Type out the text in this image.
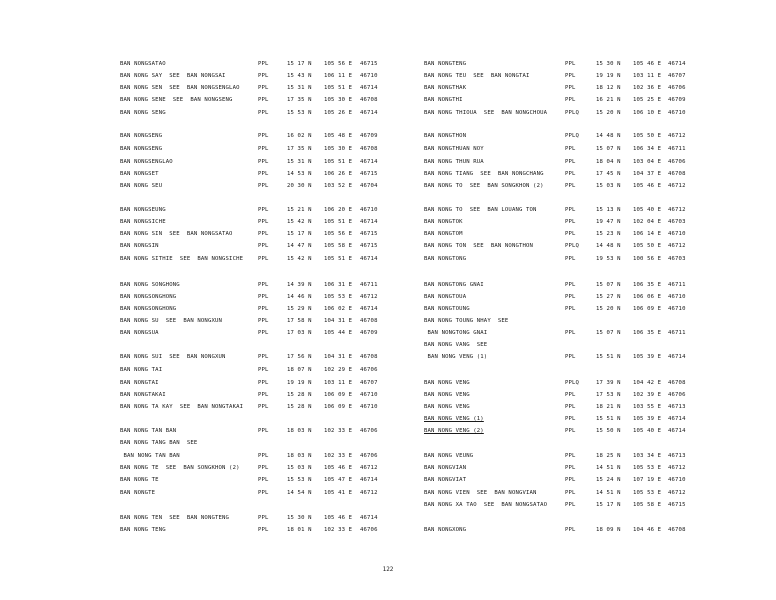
BAN NONGSATAO	PPL	15 17 N 105 56 E 46715
BAN NONG SAY  SEE  BAN NONGSAI	PPL	15 43 N 106 11 E 46710
BAN NONG SEN  SEE  BAN NONGSENGLAO	PPL	15 31 N 105 51 E 46714
BAN NONG SENE  SEE  BAN NONGSENG	PPL	17 35 N 105 30 E 46708
BAN NONG SENG	PPL	15 53 N 105 26 E 46714
BAN NONGSENG	PPL	16 02 N 105 48 E 46709
BAN NONGSENG	PPL	17 35 N 105 30 E 46708
BAN NONGSENGLAO	PPL	15 31 N 105 51 E 46714
BAN NONGSET	PPL	14 53 N 106 26 E 46715
BAN NONG SEU	PPL	20 30 N 103 52 E 46704
BAN NONGSEUNG	PPL	15 21 N 106 20 E 46710
BAN NONGSICHE	PPL	15 42 N 105 51 E 46714
BAN NONG SIN  SEE  BAN NONGSATAO	PPL	15 17 N 105 56 E 46715
BAN NONGSIN	PPL	14 47 N 105 58 E 46715
BAN NONG SITHIE  SEE  BAN NONGSICHE	PPL	15 42 N 105 51 E 46714
BAN NONG SONGHONG	PPL	14 39 N 106 31 E 46711
BAN NONGSONGHONG	PPL	14 46 N 105 53 E 46712
BAN NONGSONGHONG	PPL	15 29 N 106 02 E 46714
BAN NONG SU  SEE  BAN NONGXUN	PPL	17 58 N 104 31 E 46708
BAN NONGSUA	PPL	17 03 N 105 44 E 46709
BAN NONG SUI  SEE  BAN NONGXUN	PPL	17 56 N 104 31 E 46708
BAN NONG TAI	PPL	18 07 N 102 29 E 46706
BAN NONGTAI	PPL	19 19 N 103 11 E 46707
BAN NONGTAKAI	PPL	15 28 N 106 09 E 46710
BAN NONG TA KAY  SEE  BAN NONGTAKAI	PPL	15 28 N 106 09 E 46710
BAN NONG TAN BAN	PPL	18 03 N 102 33 E 46706
BAN NONG TANG BAN  SEE
BAN NONG TAN BAN	PPL	18 03 N 102 33 E 46706
BAN NONG TE  SEE  BAN SONGKHON (2)	PPL	15 03 N 105 46 E 46712
BAN NONG TE	PPL	15 53 N 105 47 E 46714
BAN NONGTE	PPL	14 54 N 105 41 E 46712
BAN NONG TEN  SEE  BAN NONGTENG	PPL	15 30 N 105 46 E 46714
BAN NONG TENG	PPL	18 01 N 102 33 E 46706
BAN NONGTENG	PPL	15 30 N 105 46 E 46714
BAN NONG TEU  SEE  BAN NONGTAI	PPL	19 19 N 103 11 E 46707
BAN NONGTHAK	PPL	18 12 N 102 36 E 46706
BAN NONGTHI	PPL	16 21 N 105 25 E 46709
BAN NONG THIOUA  SEE  BAN NONGCHOUA	PPLQ	15 20 N 106 10 E 46710
BAN NONGTHON	PPLQ	14 48 N 105 50 E 46712
BAN NONGTHUAN NOY	PPL	15 07 N 106 34 E 46711
BAN NONG THUN RUA	PPL	18 04 N 103 04 E 46706
BAN NONG TIANG  SEE  BAN NONGCHANG	PPL	17 45 N 104 37 E 46708
BAN NONG TO  SEE  BAN SONGKHON (2)	PPL	15 03 N 105 46 E 46712
BAN NONG TO  SEE  BAN LOUANG TON	PPL	15 13 N 105 40 E 46712
BAN NONGTOK	PPL	19 47 N 102 04 E 46703
BAN NONGTOM	PPL	15 23 N 106 14 E 46710
BAN NONG TON  SEE  BAN NONGTHON	PPLQ	14 48 N 105 50 E 46712
BAN NONGTONG	PPL	19 53 N 100 56 E 46703
BAN NONGTONG GNAI	PPL	15 07 N 106 35 E 46711
BAN NONGTOUA	PPL	15 27 N 106 06 E 46710
BAN NONGTOUNG	PPL	15 20 N 106 09 E 46710
BAN NONG TOUNG NHAY  SEE
BAN NONGTONG GNAI	PPL	15 07 N 106 35 E 46711
BAN NONG VANG  SEE
BAN NONG VENG (1)	PPL	15 51 N 105 39 E 46714
BAN NONG VENG	PPLQ	17 39 N 104 42 E 46708
BAN NONG VENG	PPL	17 53 N 102 39 E 46706
BAN NONG VENG	PPL	18 21 N 103 55 E 46713
BAN NONG VENG (1)	PPL	15 51 N 105 39 E 46714
BAN NONG VENG (2)	PPL	15 50 N 105 40 E 46714
BAN NONG VEUNG	PPL	18 25 N 103 34 E 46713
BAN NONGVIAN	PPL	14 51 N 105 53 E 46712
BAN NONGVIAT	PPL	15 24 N 107 19 E 46710
BAN NONG VIEN  SEE  BAN NONGVIAN	PPL	14 51 N 105 53 E 46712
BAN NONG XA TAO  SEE  BAN NONGSATAO	PPL	15 17 N 105 58 E 46715
BAN NONGXONG	PPL	18 09 N 104 46 E 46708
122
